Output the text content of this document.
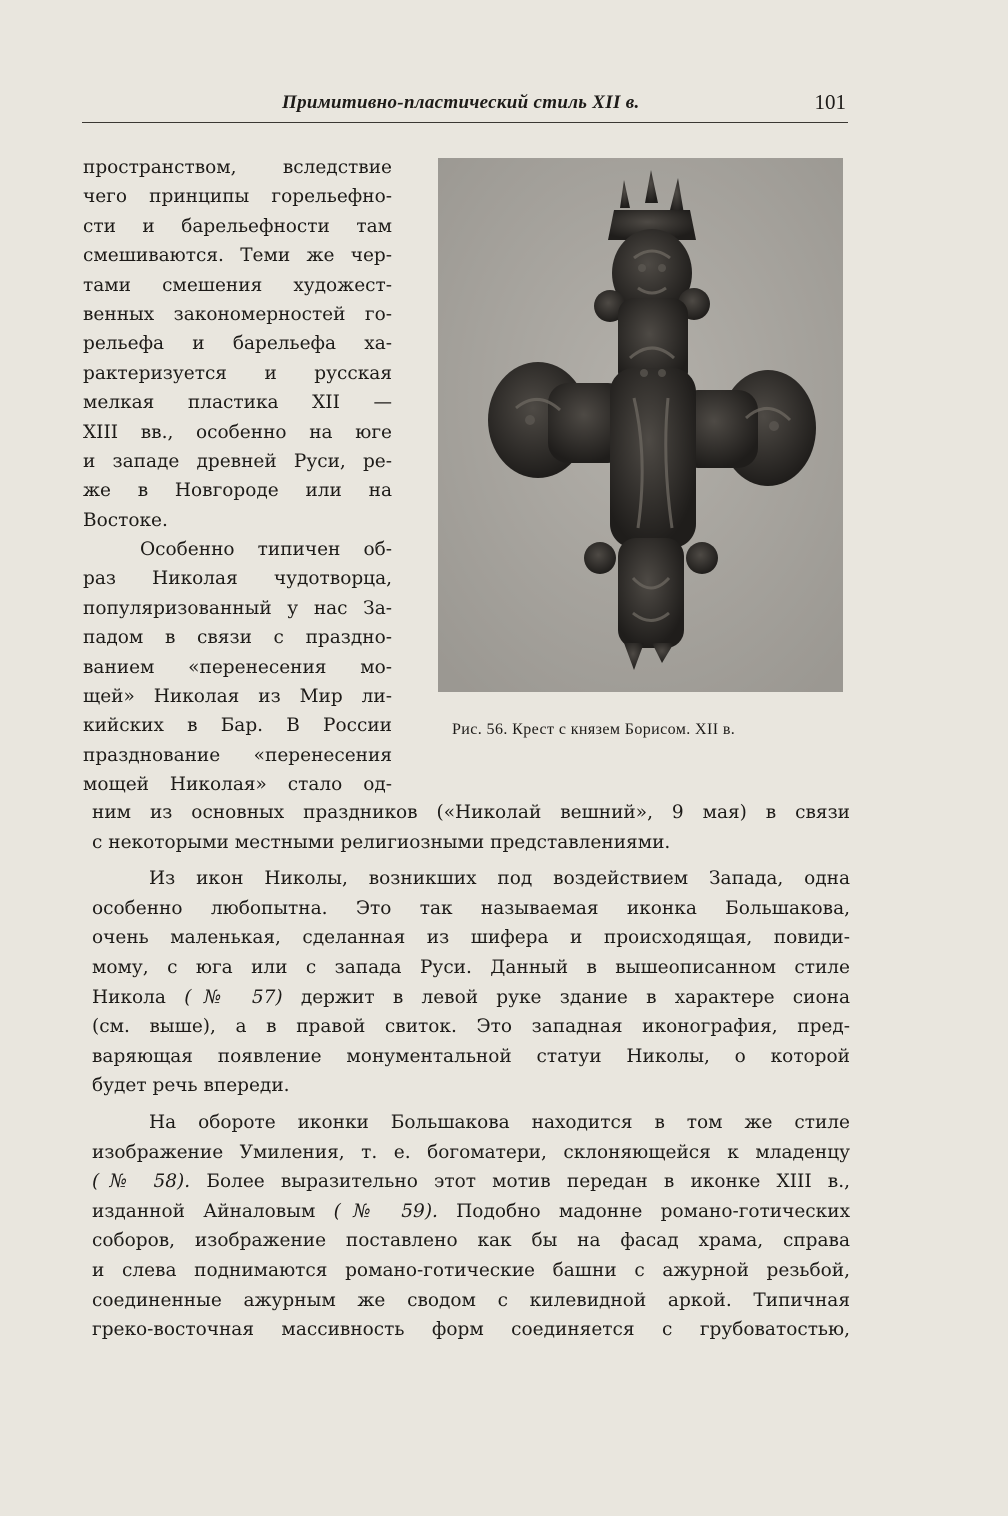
Примитивно-пластический стиль XII в.	101
пространством, вследствие
чего принципы горельефно-
сти и барельефности там
смешиваются. Теми же чер-
тами смешения художест-
венных закономерностей го-
рельефа и барельефа ха-
рактеризуется и русская
мелкая пластика XII —
XIII вв., особенно на юге
и западе древней Руси, ре-
же в Новгороде или на
Востоке.
Особенно типичен об-
раз Николая чудотворца,
популяризованный у нас За-
падом в связи с праздно-
ванием «перенесения мо-
щей» Николая из Мир ли-
кийских в Бар. В России
празднование «перенесения
мощей Николая» стало од-
Рис. 56. Крест с князем Борисом. XII в.
ним из основных праздников («Николай вешний», 9 мая) в связи
с некоторыми местными религиозными представлениями.
Из икон Николы, возникших под воздействием Запада, одна
особенно любопытна. Это так называемая иконка Большакова,
очень маленькая, сделанная из шифера и происходящая, повиди-
мому, с юга или с запада Руси. Данный в вышеописанном стиле
Никола (№ 57) держит в левой руке здание в характере сиона
(см. выше), а в правой свиток. Это западная иконография, пред-
варяющая появление монументальной статуи Николы, о которой
будет речь впереди.
На обороте иконки Большакова находится в том же стиле
изображение Умиления, т. е. богоматери, склоняющейся к младенцу
(№ 58). Более выразительно этот мотив передан в иконке XIII в.,
изданной Айналовым (№ 59). Подобно мадонне романо-готических
соборов, изображение поставлено как бы на фасад храма, справа
и слева поднимаются романо-готические башни с ажурной резьбой,
соединенные ажурным же сводом с килевидной аркой. Типичная
греко-восточная массивность форм соединяется с грубоватостью,
